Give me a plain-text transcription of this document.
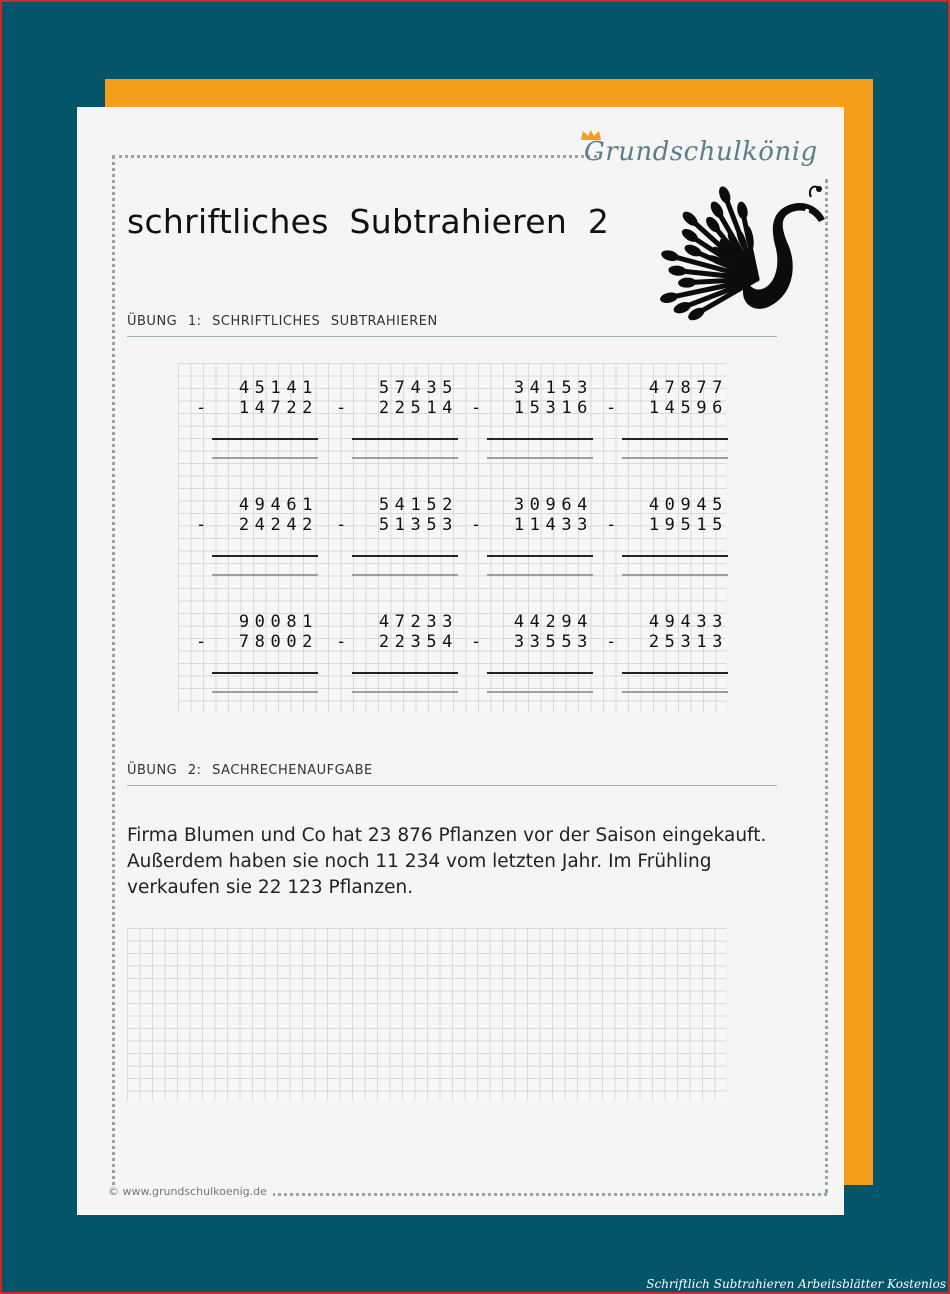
Grundschulkönig
schriftliches Subtrahieren 2
ÜBUNG 1: SCHRIFTLICHES SUBTRAHIEREN
45141
-	14722
57435
-	22514
34153
-	15316
47877
-	14596
49461
-	24242
54152
-	51353
30964
-	11433
40945
-	19515
90081
-	78002
47233
-	22354
44294
-	33553
49433
-	25313
ÜBUNG 2: SACHRECHENAUFGABE
Firma Blumen und Co hat 23 876 Pflanzen vor der Saison eingekauft. Außerdem haben sie noch 11 234 vom letzten Jahr. Im Frühling verkaufen sie 22 123 Pflanzen.
© www.grundschulkoenig.de
Schriftlich Subtrahieren Arbeitsblätter Kostenlos
